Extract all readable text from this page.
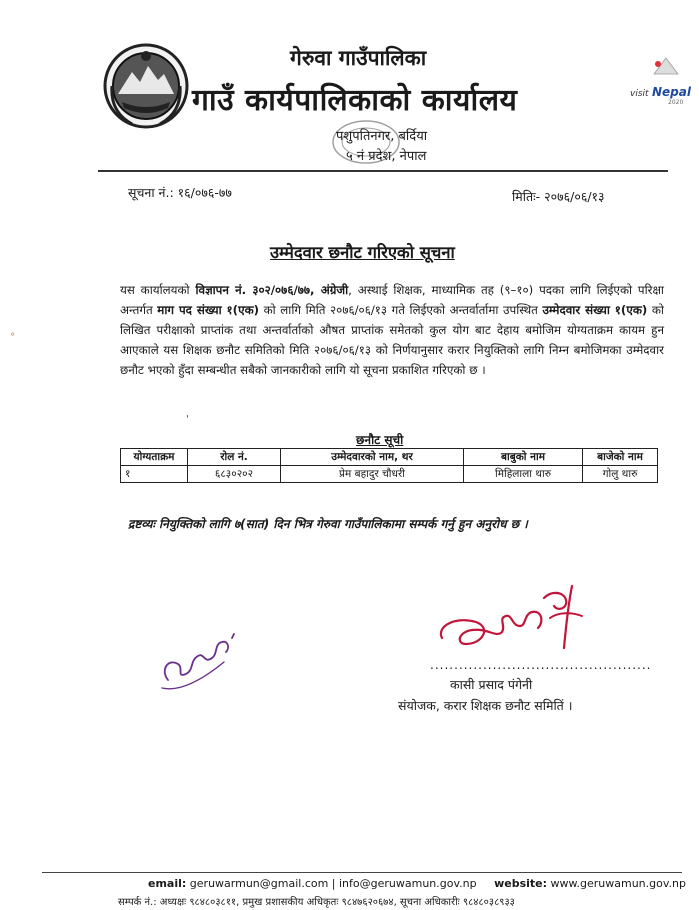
visit Nepal
2020
गेरुवा गाउँपालिका
गाउँ कार्यपालिकाको कार्यालय
पशुपतिनगर, बर्दिया
५ नं प्रदेश, नेपाल
सूचना नं.: १६/०७६-७७	मितिः- २०७६/०६/१३
°
उम्मेदवार छनौट गरिएको सूचना

यस कार्यालयको विज्ञापन नं. ३०२/०७६/७७, अंग्रेजी, अस्थाई शिक्षक, माध्यामिक तह (९–१०) पदका लागि लिईएको परिक्षा अन्तर्गत माग पद संख्या १(एक) को लागि मिति २०७६/०६/१३ गते लिईएको अन्तर्वार्तामा उपस्थित उम्मेदवार संख्या १(एक) को लिखित परीक्षाको प्राप्तांक तथा अन्तर्वार्ताको औषत प्राप्तांक समेतको कुल योग बाट देहाय बमोजिम योग्यताक्रम कायम हुन आएकाले यस शिक्षक छनौट समितिको मिति २०७६/०६/१३ को निर्णयानुसार करार नियुक्तिको लागि निम्न बमोजिमका उम्मेदवार छनौट भएको हुँदा सम्बन्धीत सबैको जानकारीको लागि यो सूचना प्रकाशित गरिएको छ ।

'
छनौट सूची
योग्यताक्रम	रोल नं.	उम्मेदवारको नाम, थर	बाबुको नाम	बाजेको नाम
१	६८३०२०२	प्रेम बहादुर चौधरी	मिहिलाला थारु	गोलु थारु
द्रष्टव्यः नियुक्तिको लागि ७(सात) दिन भित्र गेरुवा गाउँपालिकामा सम्पर्क गर्नु हुन अनुरोध छ ।
..............................................
कासी प्रसाद पंगेनी
संयोजक, करार शिक्षक छनौट समितिं ।
email: geruwarmun@gmail.com | info@geruwamun.gov.np website: www.geruwamun.gov.np
सम्पर्क नं.: अध्यक्षः ९८४८०३८११, प्रमुख प्रशासकीय अधिकृतः ९८४७६२०६७४, सूचना अधिकारीः ९८४८०३८९३३
